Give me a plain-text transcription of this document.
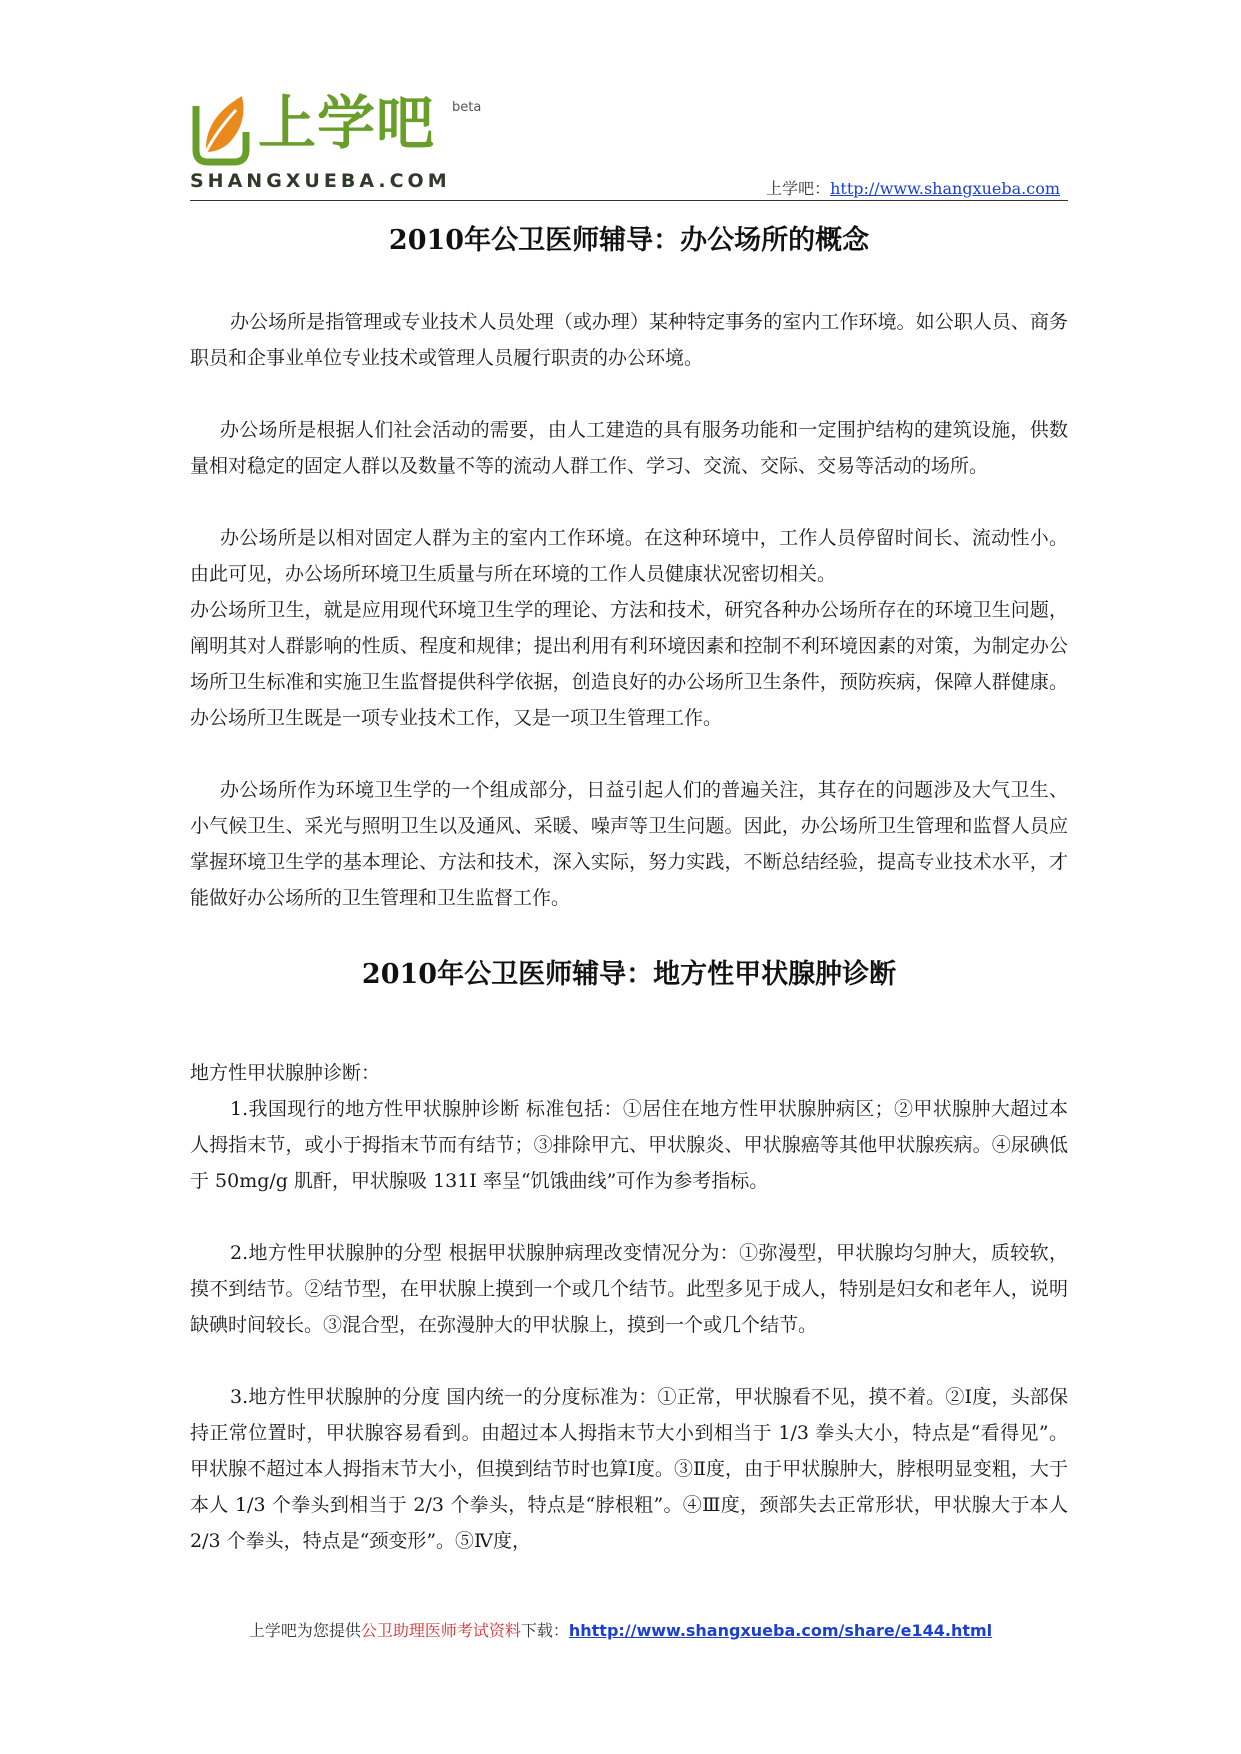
上学吧 beta
SHANGXUEBA.COM	上学吧：http://www.shangxueba.com
2010年公卫医师辅导：办公场所的概念

办公场所是指管理或专业技术人员处理（或办理）某种特定事务的室内工作环境。如公职人员、商务职员和企事业单位专业技术或管理人员履行职责的办公环境。

办公场所是根据人们社会活动的需要，由人工建造的具有服务功能和一定围护结构的建筑设施，供数量相对稳定的固定人群以及数量不等的流动人群工作、学习、交流、交际、交易等活动的场所。

办公场所是以相对固定人群为主的室内工作环境。在这种环境中，工作人员停留时间长、流动性小。由此可见，办公场所环境卫生质量与所在环境的工作人员健康状况密切相关。

办公场所卫生，就是应用现代环境卫生学的理论、方法和技术，研究各种办公场所存在的环境卫生问题，阐明其对人群影响的性质、程度和规律；提出利用有利环境因素和控制不利环境因素的对策，为制定办公场所卫生标准和实施卫生监督提供科学依据，创造良好的办公场所卫生条件，预防疾病，保障人群健康。办公场所卫生既是一项专业技术工作，又是一项卫生管理工作。

办公场所作为环境卫生学的一个组成部分，日益引起人们的普遍关注，其存在的问题涉及大气卫生、小气候卫生、采光与照明卫生以及通风、采暖、噪声等卫生问题。因此，办公场所卫生管理和监督人员应掌握环境卫生学的基本理论、方法和技术，深入实际，努力实践，不断总结经验，提高专业技术水平，才能做好办公场所的卫生管理和卫生监督工作。

2010年公卫医师辅导：地方性甲状腺肿诊断

地方性甲状腺肿诊断：

1.我国现行的地方性甲状腺肿诊断 标准包括：①居住在地方性甲状腺肿病区；②甲状腺肿大超过本人拇指末节，或小于拇指末节而有结节；③排除甲亢、甲状腺炎、甲状腺癌等其他甲状腺疾病。④尿碘低于 50mg/g 肌酐，甲状腺吸 131I 率呈“饥饿曲线”可作为参考指标。

2.地方性甲状腺肿的分型 根据甲状腺肿病理改变情况分为：①弥漫型，甲状腺均匀肿大，质较软，摸不到结节。②结节型，在甲状腺上摸到一个或几个结节。此型多见于成人，特别是妇女和老年人，说明缺碘时间较长。③混合型，在弥漫肿大的甲状腺上，摸到一个或几个结节。

3.地方性甲状腺肿的分度 国内统一的分度标准为：①正常，甲状腺看不见，摸不着。②Ⅰ度，头部保持正常位置时，甲状腺容易看到。由超过本人拇指末节大小到相当于 1/3 拳头大小，特点是“看得见”。甲状腺不超过本人拇指末节大小，但摸到结节时也算Ⅰ度。③Ⅱ度，由于甲状腺肿大，脖根明显变粗，大于本人 1/3 个拳头到相当于 2/3 个拳头，特点是“脖根粗”。④Ⅲ度，颈部失去正常形状，甲状腺大于本人 2/3 个拳头，特点是“颈变形”。⑤Ⅳ度，

上学吧为您提供公卫助理医师考试资料下载：hhttp://www.shangxueba.com/share/e144.html
